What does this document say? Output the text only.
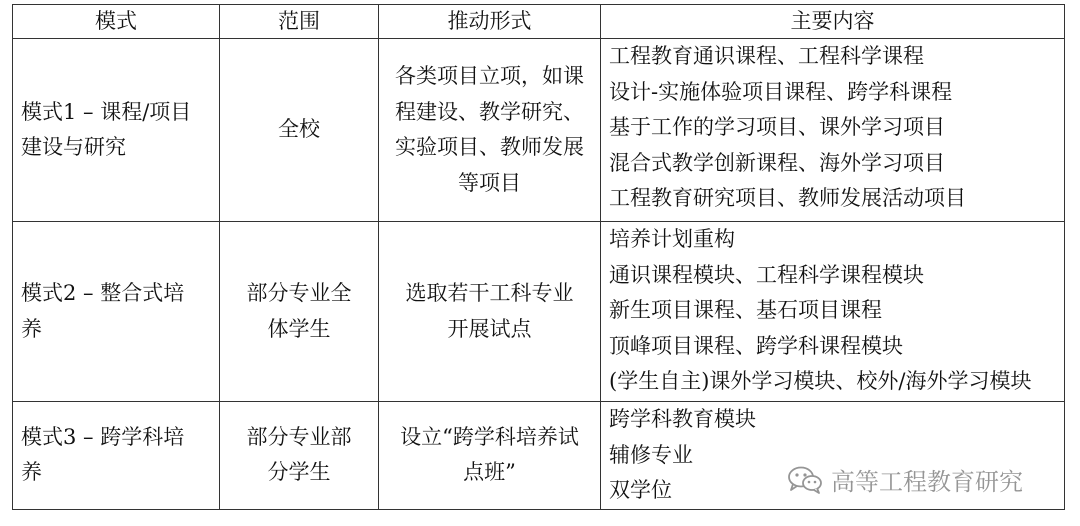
模式	范围	推动形式	主要内容

模式1 – 课程/项目
建设与研究	全校	各类项目立项，如课
程建设、教学研究、
实验项目、教师发展
等项目	工程教育通识课程、工程科学课程
设计-实施体验项目课程、跨学科课程
基于工作的学习项目、课外学习项目
混合式教学创新课程、海外学习项目
工程教育研究项目、教师发展活动项目

模式2 – 整合式培
养	部分专业全
体学生	选取若干工科专业
开展试点	培养计划重构
通识课程模块、工程科学课程模块
新生项目课程、基石项目课程
顶峰项目课程、跨学科课程模块
(学生自主)课外学习模块、校外/海外学习模块

模式3 – 跨学科培
养	部分专业部
分学生	设立“跨学科培养试
点班”	跨学科教育模块
辅修专业
双学位	高等工程教育研究
